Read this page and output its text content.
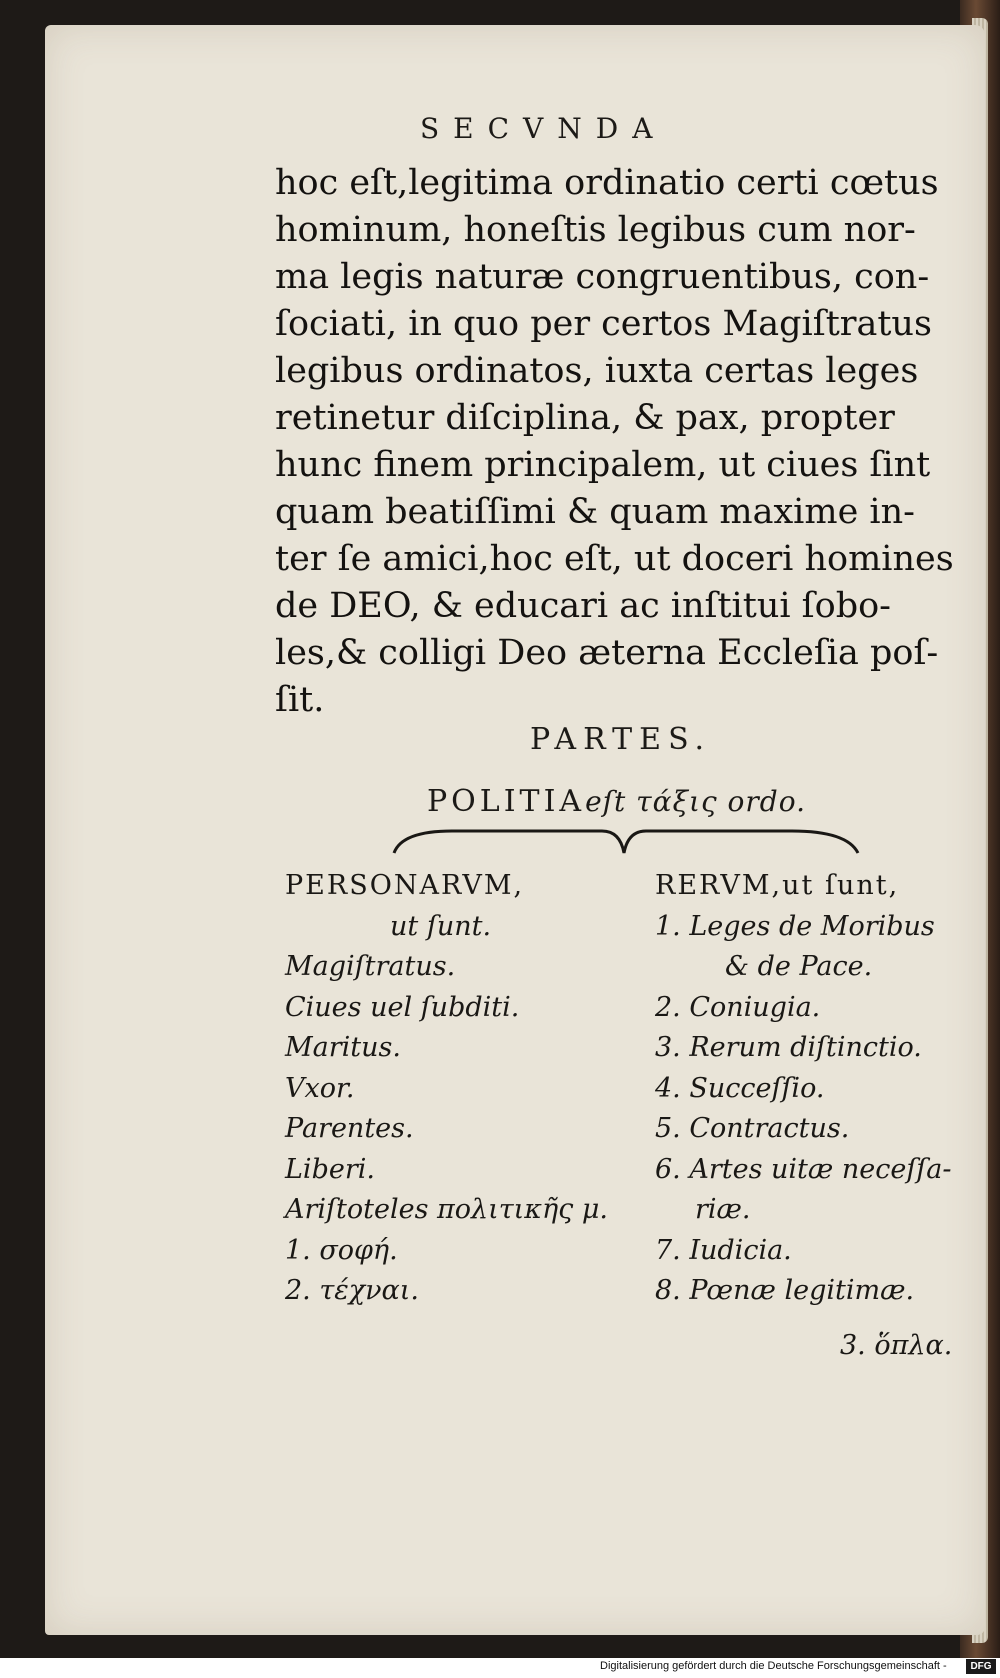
SECVNDA
hoc eſt,legitima ordinatio certi cœtus
hominum, honeſtis legibus cum nor-
ma legis naturæ congruentibus, con-
ſociati, in quo per certos Magiſtratus
legibus ordinatos, iuxta certas leges
retinetur diſciplina, & pax, propter
hunc finem principalem, ut ciues ſint
quam beatiſſimi & quam maxime in-
ter ſe amici,hoc eſt, ut doceri homines
de DEO, & educari ac inſtitui ſobo-
les,& colligi Deo æterna Eccleſia poſ-
ſit.
PARTES.
POLITIAeſt τάξις ordo.
PERSONARVM,
ut ſunt.
Magiſtratus.
Ciues uel ſubditi.
Maritus.
Vxor.
Parentes.
Liberi.
Ariſtoteles πολιτικῆς μ.
1. σοφή.
2. τέχναι.
RERVM,ut ſunt,
1. Leges de Moribus
& de Pace.
2. Coniugia.
3. Rerum diſtinctio.
4. Succeſſio.
5. Contractus.
6. Artes uitæ neceſſa-
riæ.
7. Iudicia.
8. Pœnæ legitimæ.
3. ὅπλα.
Digitalisierung gefördert durch die Deutsche Forschungsgemeinschaft -	DFG
